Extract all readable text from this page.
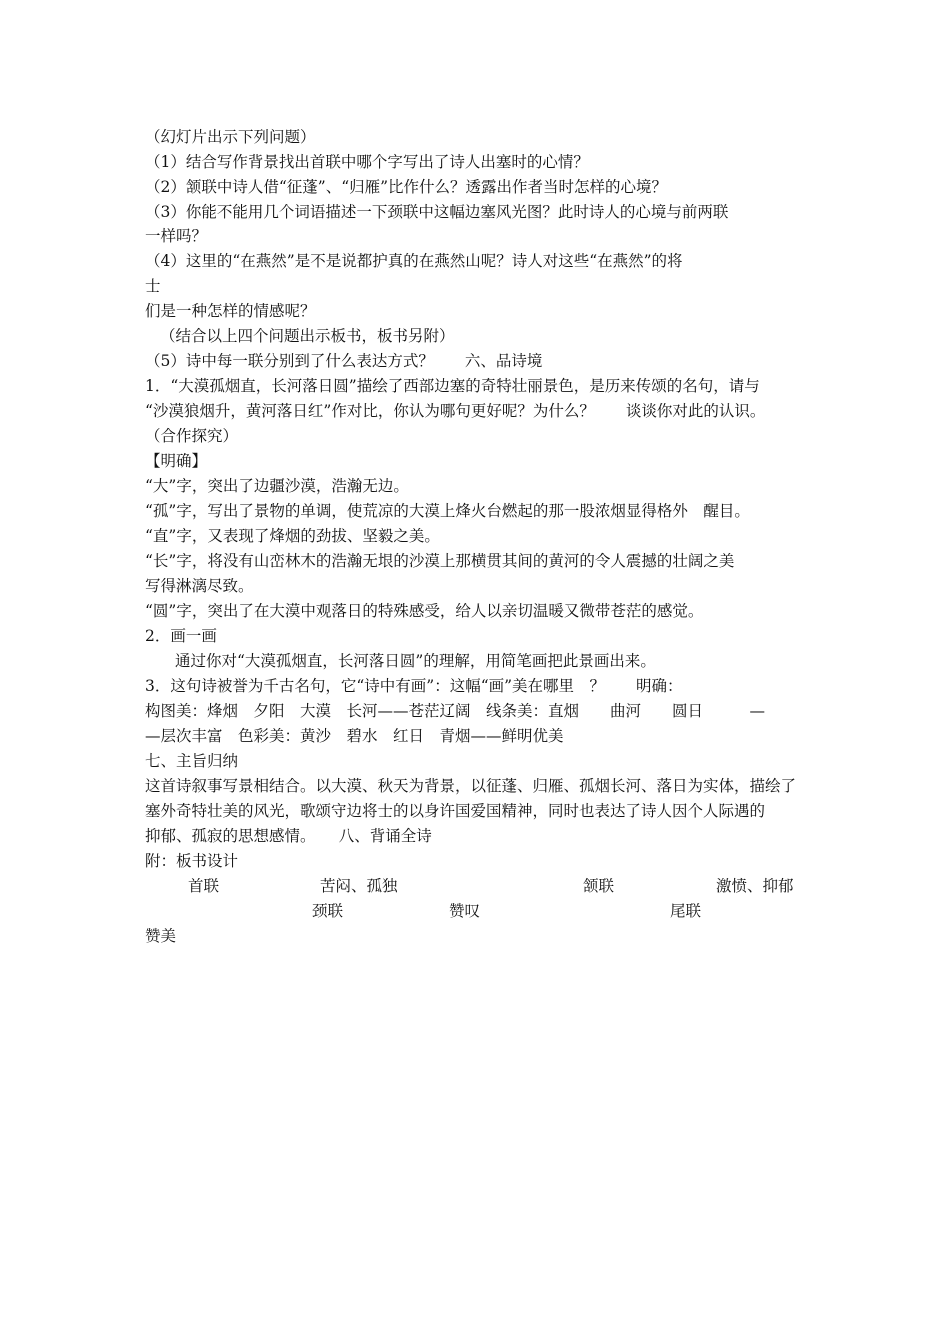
（幻灯片出示下列问题）
（1）结合写作背景找出首联中哪个字写出了诗人出塞时的心情？
（2）颔联中诗人借“征蓬”、“归雁”比作什么？透露出作者当时怎样的心境？
（3）你能不能用几个词语描述一下颈联中这幅边塞风光图？此时诗人的心境与前两联
一样吗？
（4）这里的“在燕然”是不是说都护真的在燕然山呢？诗人对这些“在燕然”的将
士
们是一种怎样的情感呢？
（结合以上四个问题出示板书，板书另附）
（5）诗中每一联分别到了什么表达方式？　　六、品诗境
1．“大漠孤烟直，长河落日圆”描绘了西部边塞的奇特壮丽景色，是历来传颂的名句，请与
“沙漠狼烟升，黄河落日红”作对比，你认为哪句更好呢？为什么？　　谈谈你对此的认识。
（合作探究）
【明确】
“大”字，突出了边疆沙漠，浩瀚无边。
“孤”字，写出了景物的单调，使荒凉的大漠上烽火台燃起的那一股浓烟显得格外　醒目。
“直”字，又表现了烽烟的劲拔、坚毅之美。
“长”字，将没有山峦林木的浩瀚无垠的沙漠上那横贯其间的黄河的令人震撼的壮阔之美
写得淋漓尽致。
“圆”字，突出了在大漠中观落日的特殊感受，给人以亲切温暖又微带苍茫的感觉。
2．画一画
通过你对“大漠孤烟直，长河落日圆”的理解，用简笔画把此景画出来。
3．这句诗被誉为千古名句，它“诗中有画”：这幅“画”美在哪里　？　　明确：
构图美：烽烟　夕阳　大漠　长河——苍茫辽阔　线条美：直烟　　曲河　　圆日　　　—
—层次丰富　色彩美：黄沙　碧水　红日　青烟——鲜明优美
七、主旨归纳
这首诗叙事写景相结合。以大漠、秋天为背景，以征蓬、归雁、孤烟长河、落日为实体，描绘了
塞外奇特壮美的风光，歌颂守边将士的以身许国爱国精神，同时也表达了诗人因个人际遇的
抑郁、孤寂的思想感情。　　八、背诵全诗
附：板书设计
首联	苦闷、孤独	颔联	激愤、抑郁
颈联	赞叹	尾联
赞美
